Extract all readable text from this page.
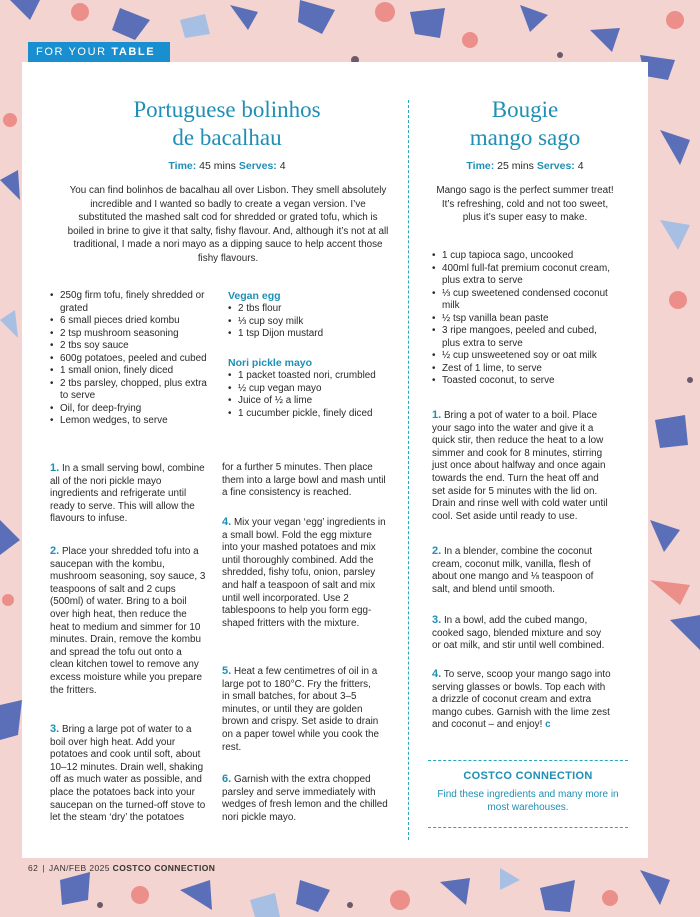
FOR YOUR TABLE
Portuguese bolinhos
de bacalhau
Time: 45 mins Serves: 4
You can find bolinhos de bacalhau all over Lisbon. They smell absolutely incredible and I wanted so badly to create a vegan version. I’ve substituted the mashed salt cod for shredded or grated tofu, which is boiled in brine to give it that salty, fishy flavour. And, although it’s not at all traditional, I made a nori mayo as a dipping sauce to help accent those fishy flavours.
• 250g firm tofu, finely shredded or grated
• 6 small pieces dried kombu
• 2 tsp mushroom seasoning
• 2 tbs soy sauce
• 600g potatoes, peeled and cubed
• 1 small onion, finely diced
• 2 tbs parsley, chopped, plus extra to serve
• Oil, for deep-frying
• Lemon wedges, to serve
Vegan egg
• 2 tbs flour
• ⅓ cup soy milk
• 1 tsp Dijon mustard
Nori pickle mayo
• 1 packet toasted nori, crumbled
• ½ cup vegan mayo
• Juice of ½ a lime
• 1 cucumber pickle, finely diced
1. In a small serving bowl, combine all of the nori pickle mayo ingredients and refrigerate until ready to serve. This will allow the flavours to infuse.
2. Place your shredded tofu into a saucepan with the kombu, mushroom seasoning, soy sauce, 3 teaspoons of salt and 2 cups (500ml) of water. Bring to a boil over high heat, then reduce the heat to medium and simmer for 10 minutes. Drain, remove the kombu and spread the tofu out onto a clean kitchen towel to remove any excess moisture while you prepare the fritters.
3. Bring a large pot of water to a boil over high heat. Add your potatoes and cook until soft, about 10–12 minutes. Drain well, shaking off as much water as possible, and place the potatoes back into your saucepan on the turned-off stove to let the steam ‘dry’ the potatoes
for a further 5 minutes. Then place them into a large bowl and mash until a fine consistency is reached.
4. Mix your vegan ‘egg’ ingredients in a small bowl. Fold the egg mixture into your mashed potatoes and mix until thoroughly combined. Add the shredded, fishy tofu, onion, parsley and half a teaspoon of salt and mix until well incorporated. Use 2 tablespoons to help you form egg-shaped fritters with the mixture.
5. Heat a few centimetres of oil in a large pot to 180°C. Fry the fritters, in small batches, for about 3–5 minutes, or until they are golden brown and crispy. Set aside to drain on a paper towel while you cook the rest.
6. Garnish with the extra chopped parsley and serve immediately with wedges of fresh lemon and the chilled nori pickle mayo.
Bougie
mango sago
Time: 25 mins Serves: 4
Mango sago is the perfect summer treat! It’s refreshing, cold and not too sweet, plus it’s super easy to make.
• 1 cup tapioca sago, uncooked
• 400ml full-fat premium coconut cream, plus extra to serve
• ⅓ cup sweetened condensed coconut milk
• ½ tsp vanilla bean paste
• 3 ripe mangoes, peeled and cubed, plus extra to serve
• ½ cup unsweetened soy or oat milk
• Zest of 1 lime, to serve
• Toasted coconut, to serve
1. Bring a pot of water to a boil. Place your sago into the water and give it a quick stir, then reduce the heat to a low simmer and cook for 8 minutes, stirring just once about halfway and once again towards the end. Turn the heat off and set aside for 5 minutes with the lid on. Drain and rinse well with cold water until cool. Set aside until ready to use.
2. In a blender, combine the coconut cream, coconut milk, vanilla, flesh of about one mango and ⅛ teaspoon of salt, and blend until smooth.
3. In a bowl, add the cubed mango, cooked sago, blended mixture and soy or oat milk, and stir until well combined.
4. To serve, scoop your mango sago into serving glasses or bowls. Top each with a drizzle of coconut cream and extra mango cubes. Garnish with the lime zest and coconut – and enjoy! c
COSTCO CONNECTION
Find these ingredients and many more in most warehouses.
62 | JAN/FEB 2025 COSTCO CONNECTION
